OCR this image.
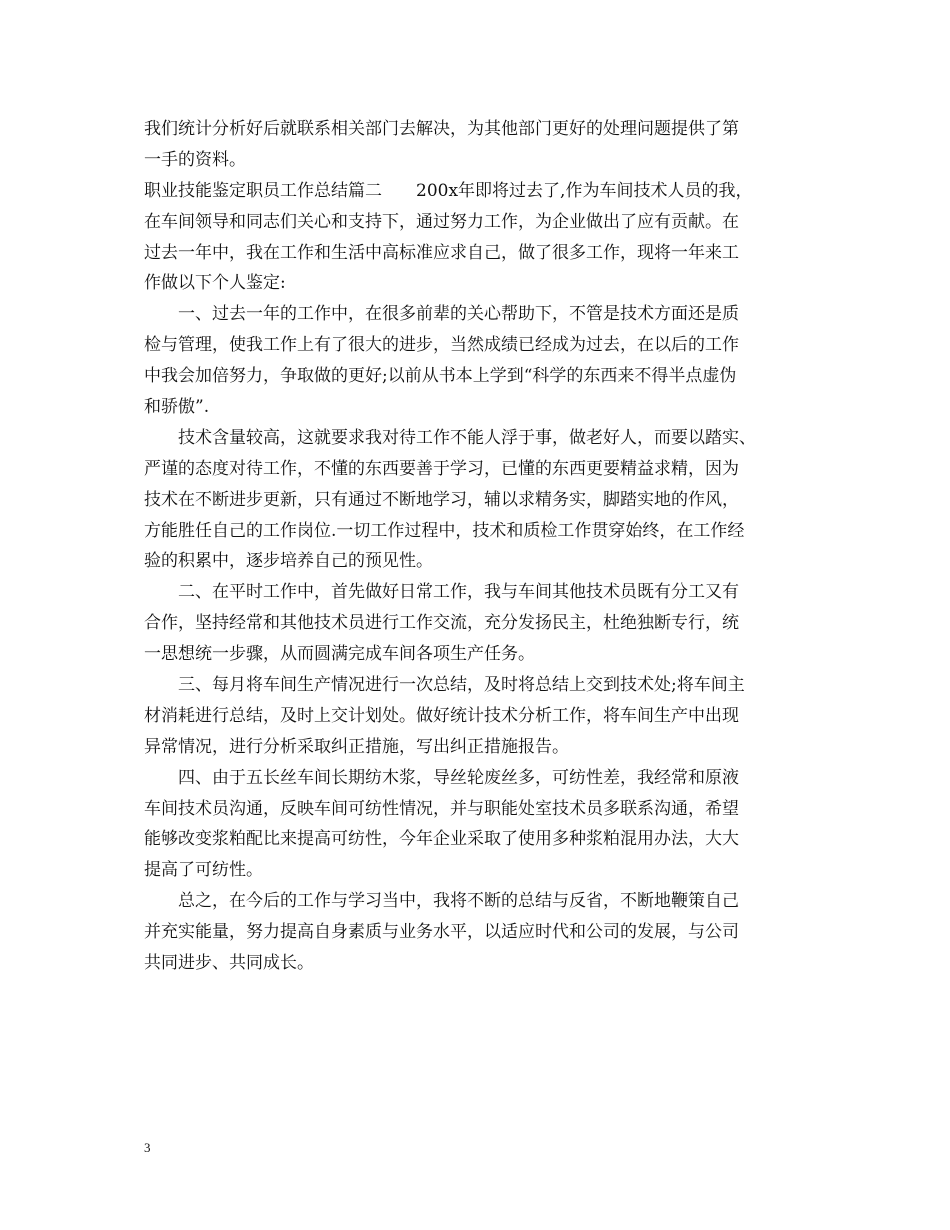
我们统计分析好后就联系相关部门去解决，为其他部门更好的处理问题提供了第
一手的资料。
职业技能鉴定职员工作总结篇二　　200x年即将过去了,作为车间技术人员的我，
在车间领导和同志们关心和支持下，通过努力工作，为企业做出了应有贡献。在
过去一年中，我在工作和生活中高标准应求自己，做了很多工作，现将一年来工
作做以下个人鉴定:
一、过去一年的工作中，在很多前辈的关心帮助下，不管是技术方面还是质
检与管理，使我工作上有了很大的进步，当然成绩已经成为过去，在以后的工作
中我会加倍努力，争取做的更好;以前从书本上学到“科学的东西来不得半点虚伪
和骄傲”.
技术含量较高，这就要求我对待工作不能人浮于事，做老好人，而要以踏实、
严谨的态度对待工作，不懂的东西要善于学习，已懂的东西更要精益求精，因为
技术在不断进步更新，只有通过不断地学习，辅以求精务实，脚踏实地的作风，
方能胜任自己的工作岗位.一切工作过程中，技术和质检工作贯穿始终，在工作经
验的积累中，逐步培养自己的预见性。
二、在平时工作中，首先做好日常工作，我与车间其他技术员既有分工又有
合作，坚持经常和其他技术员进行工作交流，充分发扬民主，杜绝独断专行，统
一思想统一步骤，从而圆满完成车间各项生产任务。
三、每月将车间生产情况进行一次总结，及时将总结上交到技术处;将车间主
材消耗进行总结，及时上交计划处。做好统计技术分析工作，将车间生产中出现
异常情况，进行分析采取纠正措施，写出纠正措施报告。
四、由于五长丝车间长期纺木浆，导丝轮废丝多，可纺性差，我经常和原液
车间技术员沟通，反映车间可纺性情况，并与职能处室技术员多联系沟通，希望
能够改变浆粕配比来提高可纺性，今年企业采取了使用多种浆粕混用办法，大大
提高了可纺性。
总之，在今后的工作与学习当中，我将不断的总结与反省，不断地鞭策自己
并充实能量，努力提高自身素质与业务水平，以适应时代和公司的发展，与公司
共同进步、共同成长。
3
